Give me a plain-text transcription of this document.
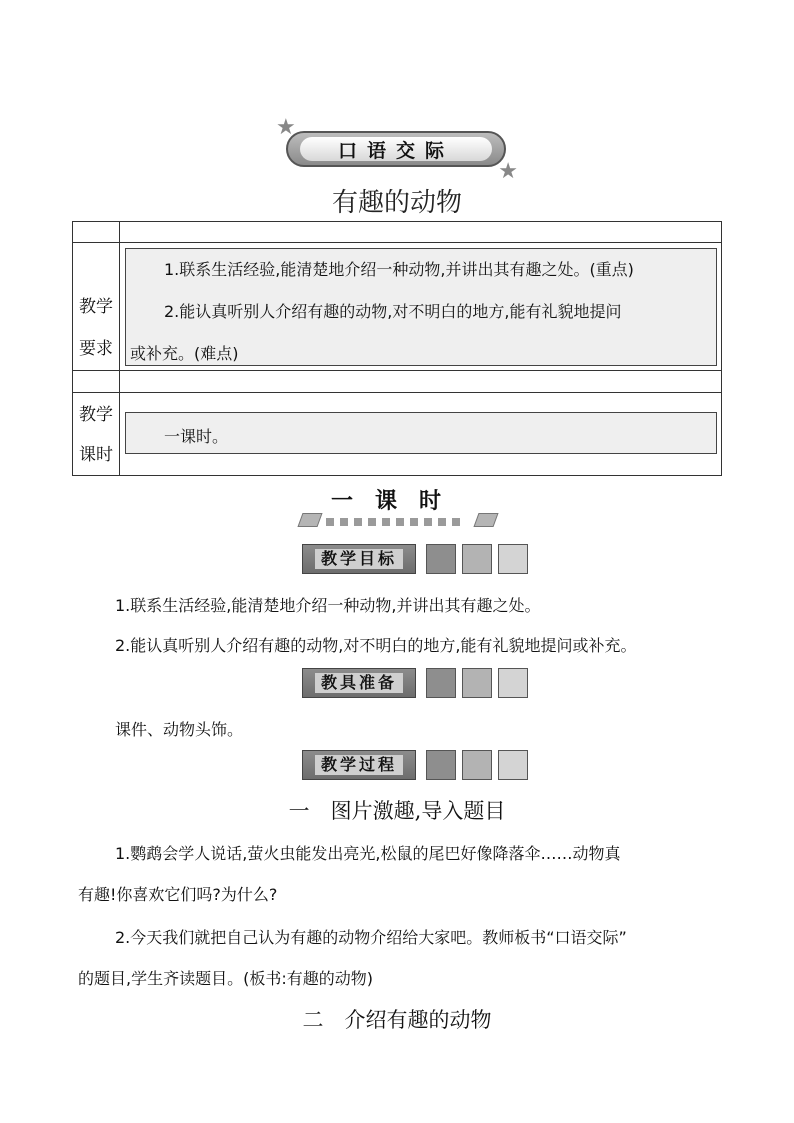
口语交际
★
★
有趣的动物
教学
要求
1.联系生活经验,能清楚地介绍一种动物,并讲出其有趣之处。(重点)
2.能认真听别人介绍有趣的动物,对不明白的地方,能有礼貌地提问
或补充。(难点)
教学
课时
一课时。
一课时
教学目标
1.联系生活经验,能清楚地介绍一种动物,并讲出其有趣之处。
2.能认真听别人介绍有趣的动物,对不明白的地方,能有礼貌地提问或补充。
教具准备
课件、动物头饰。
教学过程
一　图片激趣,导入题目
1.鹦鹉会学人说话,萤火虫能发出亮光,松鼠的尾巴好像降落伞……动物真
有趣!你喜欢它们吗?为什么?
2.今天我们就把自己认为有趣的动物介绍给大家吧。教师板书“口语交际”
的题目,学生齐读题目。(板书:有趣的动物)
二　介绍有趣的动物
